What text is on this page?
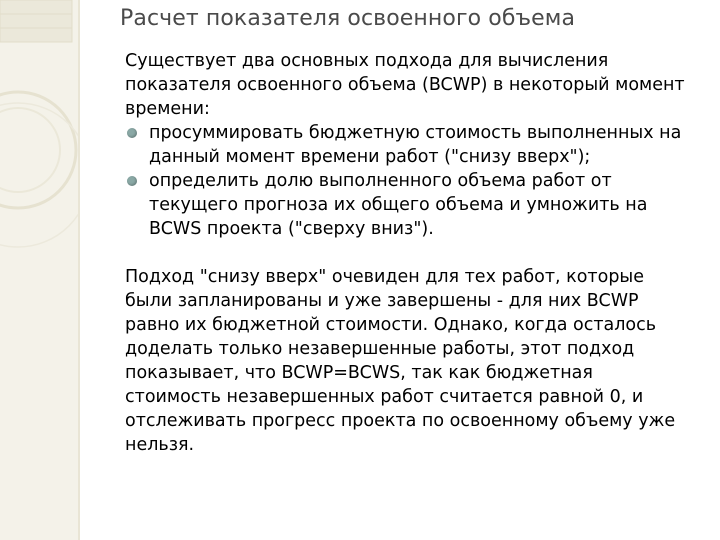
Расчет показателя освоенного объема

Существует два основных подхода для вычисления показателя освоенного объема (BCWP) в некоторый момент времени:

просуммировать бюджетную стоимость выполненных на данный момент времени работ ("снизу вверх");
определить долю выполненного объема работ от текущего прогноза их общего объема и умножить на BCWS проекта ("сверху вниз").

Подход "снизу вверх" очевиден для тех работ, которые были запланированы и уже завершены - для них BCWP равно их бюджетной стоимости. Однако, когда осталось доделать только незавершенные работы, этот подход показывает, что BCWP=BCWS, так как бюджетная стоимость незавершенных работ считается равной 0, и отслеживать прогресс проекта по освоенному объему уже нельзя.
